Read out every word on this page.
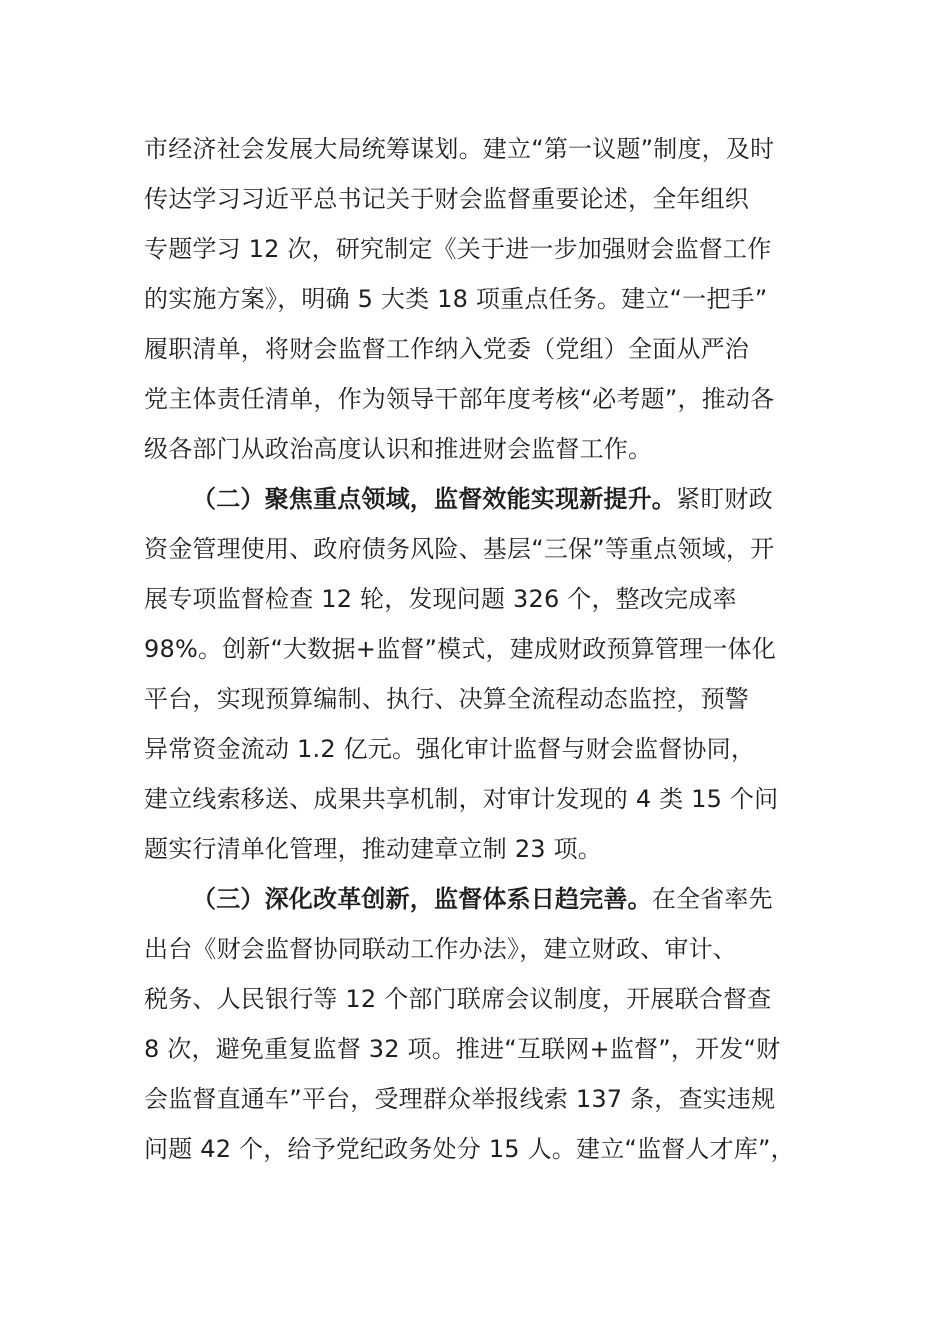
市经济社会发展大局统筹谋划。建立“第一议题”制度，及时
传达学习习近平总书记关于财会监督重要论述，全年组织
专题学习 12 次，研究制定《关于进一步加强财会监督工作
的实施方案》，明确 5 大类 18 项重点任务。建立“一把手”
履职清单，将财会监督工作纳入党委（党组）全面从严治
党主体责任清单，作为领导干部年度考核“必考题”，推动各
级各部门从政治高度认识和推进财会监督工作。
（二）聚焦重点领域，监督效能实现新提升。紧盯财政
资金管理使用、政府债务风险、基层“三保”等重点领域，开
展专项监督检查 12 轮，发现问题 326 个，整改完成率
98%。创新“大数据+监督”模式，建成财政预算管理一体化
平台，实现预算编制、执行、决算全流程动态监控，预警
异常资金流动 1.2 亿元。强化审计监督与财会监督协同，
建立线索移送、成果共享机制，对审计发现的 4 类 15 个问
题实行清单化管理，推动建章立制 23 项。
（三）深化改革创新，监督体系日趋完善。在全省率先
出台《财会监督协同联动工作办法》，建立财政、审计、
税务、人民银行等 12 个部门联席会议制度，开展联合督查
8 次，避免重复监督 32 项。推进“互联网+监督”，开发“财
会监督直通车”平台，受理群众举报线索 137 条，查实违规
问题 42 个，给予党纪政务处分 15 人。建立“监督人才库”，
